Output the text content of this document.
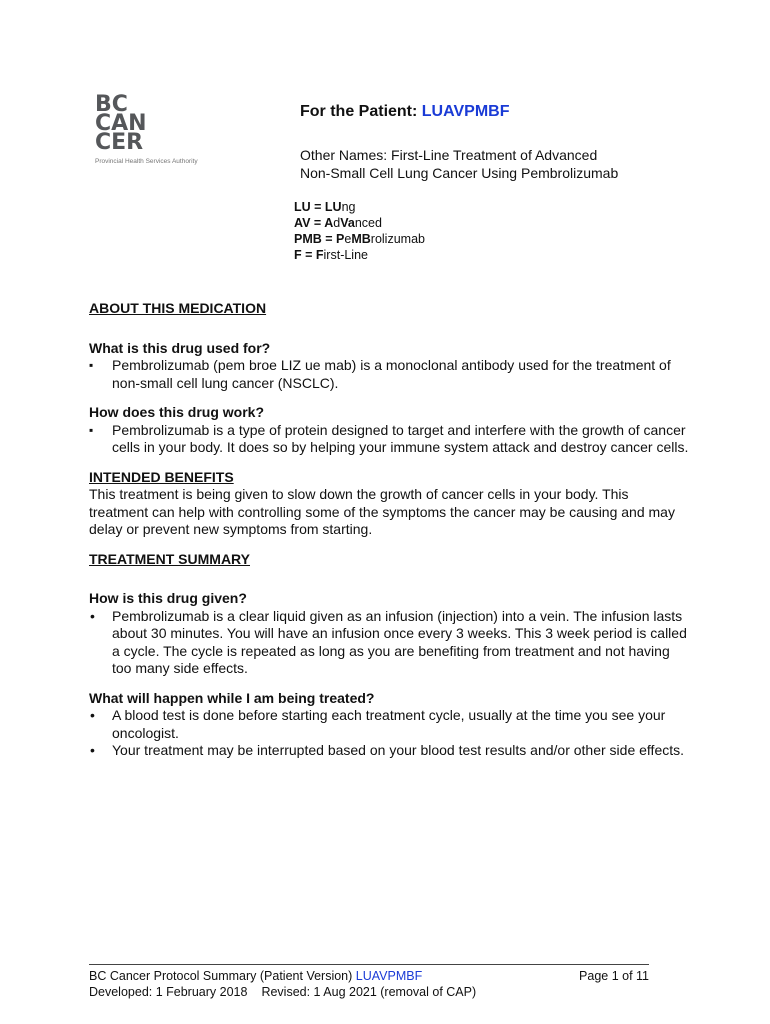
BC
CAN
CER
Provincial Health Services Authority
For the Patient: LUAVPMBF
Other Names: First-Line Treatment of Advanced
Non-Small Cell Lung Cancer Using Pembrolizumab
LU = LUng
AV = AdVanced
PMB = PeMBrolizumab
F = First-Line
ABOUT THIS MEDICATION
What is this drug used for?
▪ Pembrolizumab (pem broe LIZ ue mab) is a monoclonal antibody used for the treatment of non-small cell lung cancer (NSCLC).
How does this drug work?
▪ Pembrolizumab is a type of protein designed to target and interfere with the growth of cancer cells in your body. It does so by helping your immune system attack and destroy cancer cells.
INTENDED BENEFITS
This treatment is being given to slow down the growth of cancer cells in your body. This treatment can help with controlling some of the symptoms the cancer may be causing and may delay or prevent new symptoms from starting.
TREATMENT SUMMARY
How is this drug given?
• Pembrolizumab is a clear liquid given as an infusion (injection) into a vein. The infusion lasts about 30 minutes. You will have an infusion once every 3 weeks. This 3 week period is called a cycle. The cycle is repeated as long as you are benefiting from treatment and not having too many side effects.
What will happen while I am being treated?
• A blood test is done before starting each treatment cycle, usually at the time you see your oncologist.
• Your treatment may be interrupted based on your blood test results and/or other side effects.
BC Cancer Protocol Summary (Patient Version) LUAVPMBF	Page 1 of 11
Developed: 1 February 2018 Revised: 1 Aug 2021 (removal of CAP)
